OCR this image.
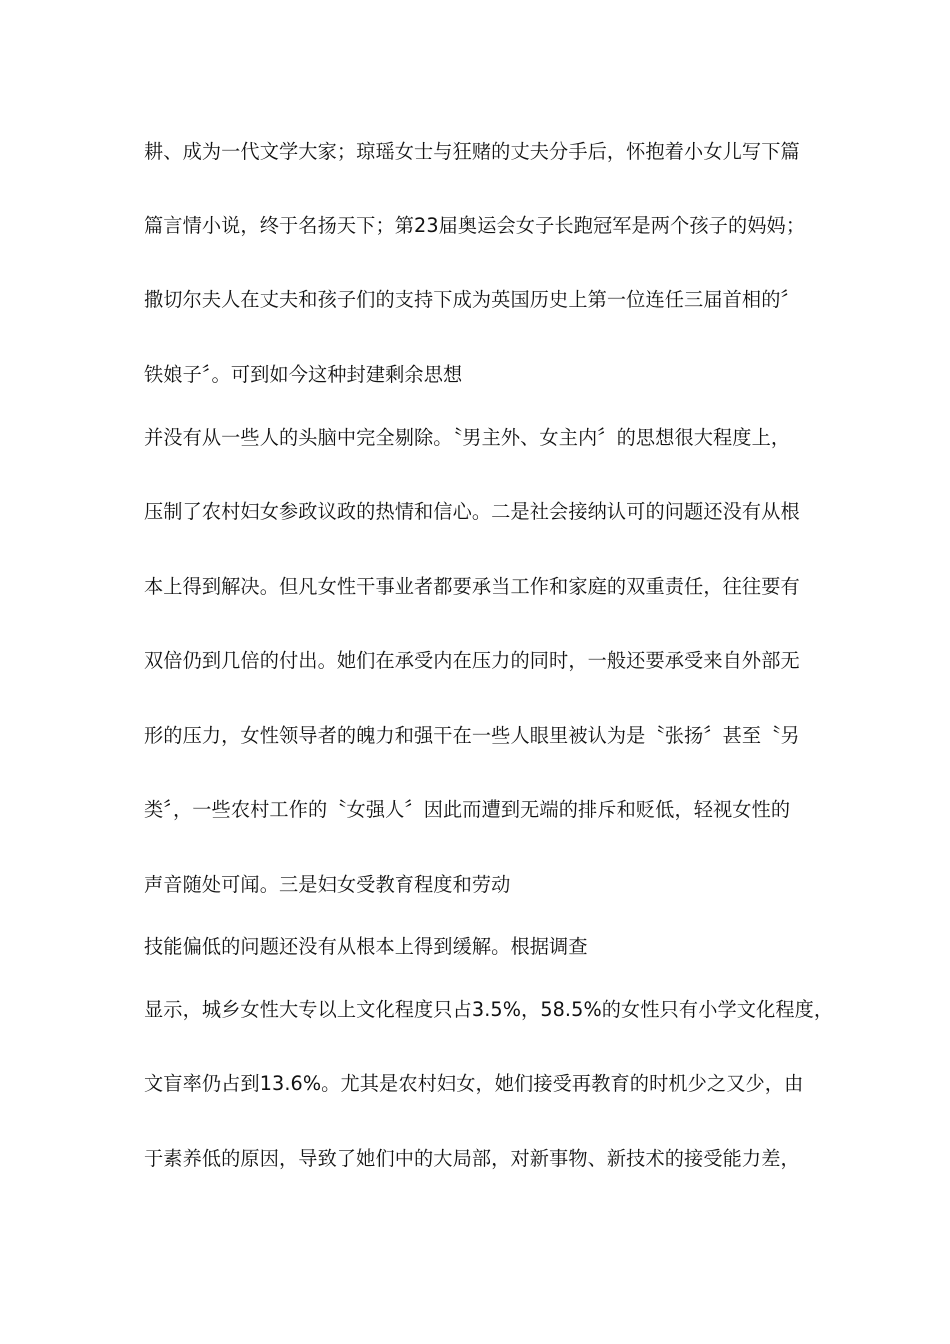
耕、成为一代文学大家；琼瑶女士与狂赌的丈夫分手后，怀抱着小女儿写下篇
篇言情小说，终于名扬天下；第23届奥运会女子长跑冠军是两个孩子的妈妈；
撒切尔夫人在丈夫和孩子们的支持下成为英国历史上第一位连任三届首相的〞
铁娘子〞。可到如今这种封建剩余思想
并没有从一些人的头脑中完全剔除。〝男主外、女主内〞的思想很大程度上，
压制了农村妇女参政议政的热情和信心。二是社会接纳认可的问题还没有从根
本上得到解决。但凡女性干事业者都要承当工作和家庭的双重责任，往往要有
双倍仍到几倍的付出。她们在承受内在压力的同时，一般还要承受来自外部无
形的压力，女性领导者的魄力和强干在一些人眼里被认为是〝张扬〞甚至〝另
类〞，一些农村工作的〝女强人〞因此而遭到无端的排斥和贬低，轻视女性的
声音随处可闻。三是妇女受教育程度和劳动
技能偏低的问题还没有从根本上得到缓解。根据调查
显示，城乡女性大专以上文化程度只占3.5%，58.5%的女性只有小学文化程度，
文盲率仍占到13.6%。尤其是农村妇女，她们接受再教育的时机少之又少，由
于素养低的原因，导致了她们中的大局部，对新事物、新技术的接受能力差，
